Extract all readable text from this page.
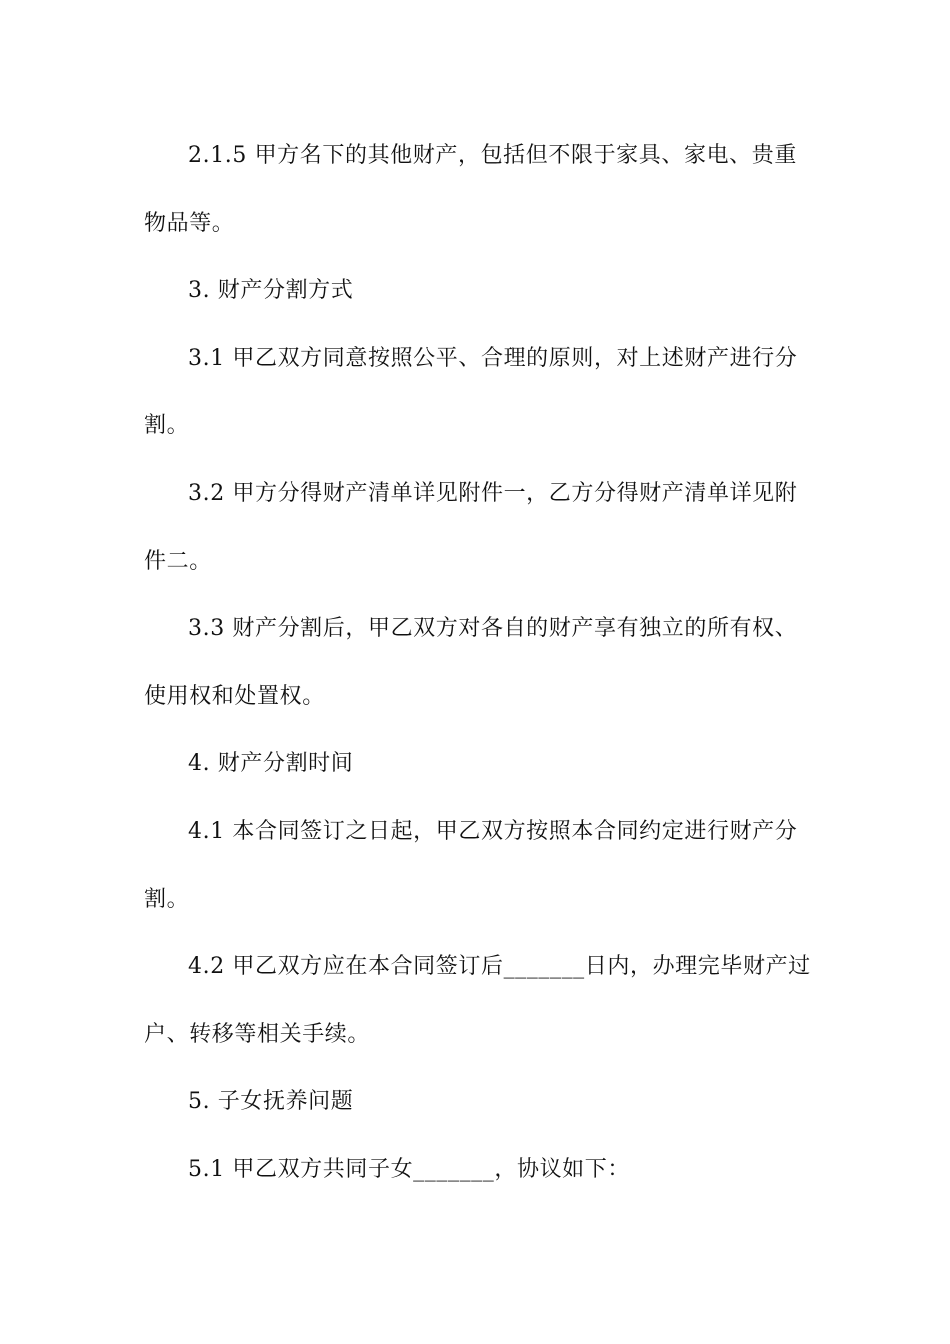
2.1.5 甲方名下的其他财产，包括但不限于家具、家电、贵重
物品等。
3. 财产分割方式
3.1 甲乙双方同意按照公平、合理的原则，对上述财产进行分
割。
3.2 甲方分得财产清单详见附件一，乙方分得财产清单详见附
件二。
3.3 财产分割后，甲乙双方对各自的财产享有独立的所有权、
使用权和处置权。
4. 财产分割时间
4.1 本合同签订之日起，甲乙双方按照本合同约定进行财产分
割。
4.2 甲乙双方应在本合同签订后_______日内，办理完毕财产过
户、转移等相关手续。
5. 子女抚养问题
5.1 甲乙双方共同子女_______，协议如下：
